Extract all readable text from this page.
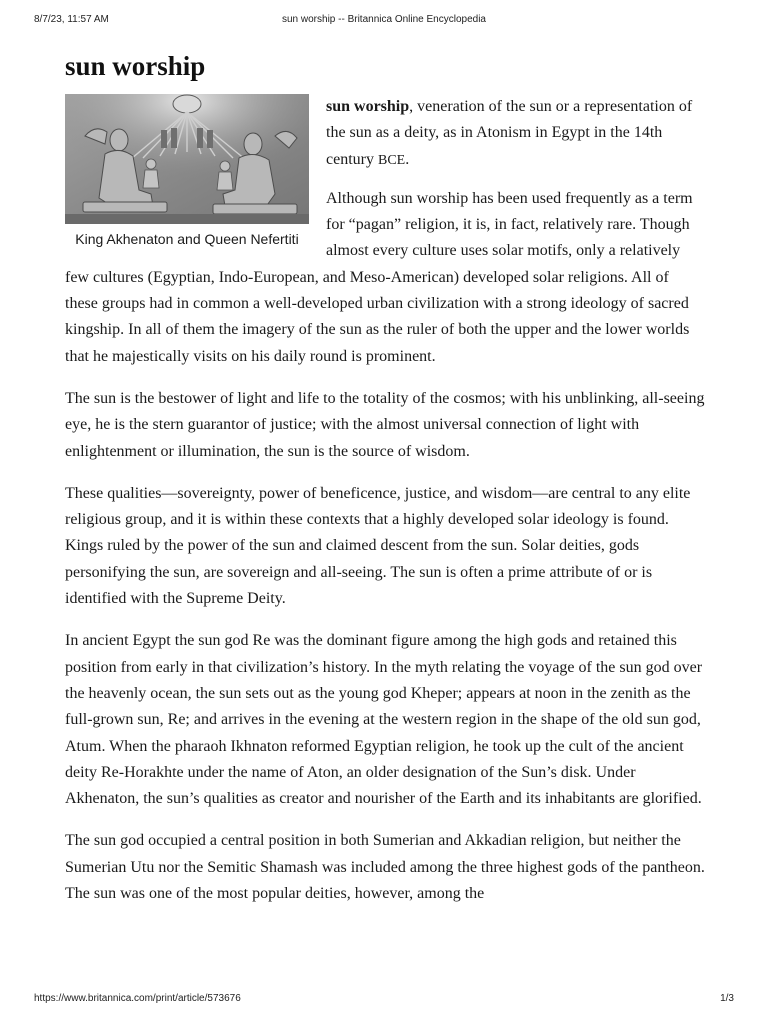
8/7/23, 11:57 AM	sun worship -- Britannica Online Encyclopedia
sun worship
King Akhenaton and Queen Nefertiti

sun worship, veneration of the sun or a representation of the sun as a deity, as in Atonism in Egypt in the 14th century BCE.

Although sun worship has been used frequently as a term for “pagan” religion, it is, in fact, relatively rare. Though almost every culture uses solar motifs, only a relatively few cultures (Egyptian, Indo-European, and Meso-American) developed solar religions. All of these groups had in common a well-developed urban civilization with a strong ideology of sacred kingship. In all of them the imagery of the sun as the ruler of both the upper and the lower worlds that he majestically visits on his daily round is prominent.

The sun is the bestower of light and life to the totality of the cosmos; with his unblinking, all-seeing eye, he is the stern guarantor of justice; with the almost universal connection of light with enlightenment or illumination, the sun is the source of wisdom.

These qualities—sovereignty, power of beneficence, justice, and wisdom—are central to any elite religious group, and it is within these contexts that a highly developed solar ideology is found. Kings ruled by the power of the sun and claimed descent from the sun. Solar deities, gods personifying the sun, are sovereign and all-seeing. The sun is often a prime attribute of or is identified with the Supreme Deity.

In ancient Egypt the sun god Re was the dominant figure among the high gods and retained this position from early in that civilization’s history. In the myth relating the voyage of the sun god over the heavenly ocean, the sun sets out as the young god Kheper; appears at noon in the zenith as the full-grown sun, Re; and arrives in the evening at the western region in the shape of the old sun god, Atum. When the pharaoh Ikhnaton reformed Egyptian religion, he took up the cult of the ancient deity Re-Horakhte under the name of Aton, an older designation of the Sun’s disk. Under Akhenaton, the sun’s qualities as creator and nourisher of the Earth and its inhabitants are glorified.

The sun god occupied a central position in both Sumerian and Akkadian religion, but neither the Sumerian Utu nor the Semitic Shamash was included among the three highest gods of the pantheon. The sun was one of the most popular deities, however, among the

https://www.britannica.com/print/article/573676	1/3
